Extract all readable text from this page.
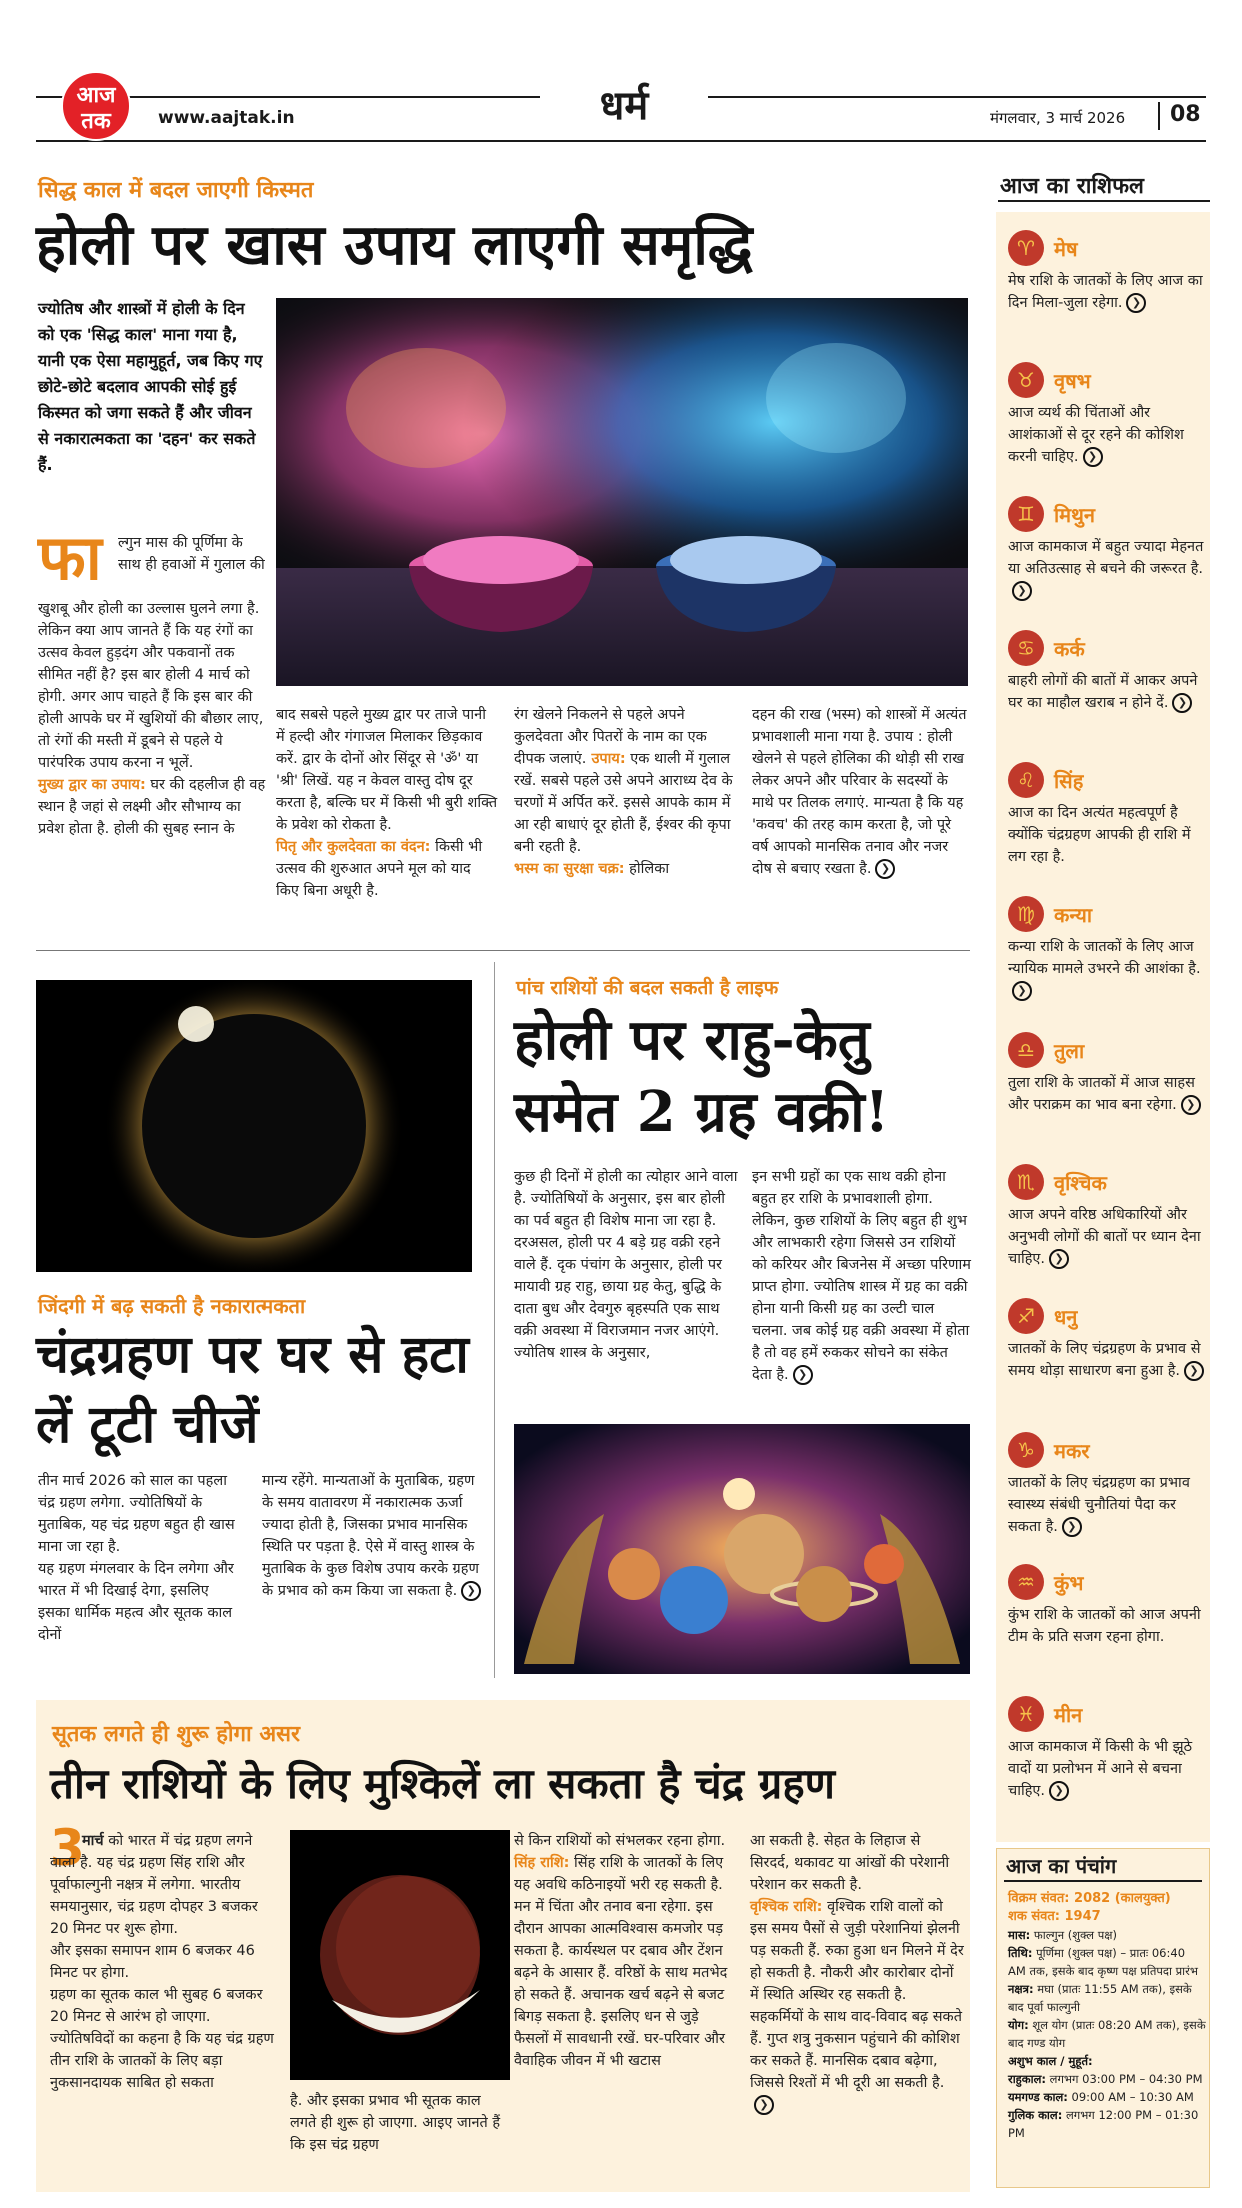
आज
तक	www.aajtak.in	धर्म	मंगलवार, 3 मार्च 2026 08
सिद्ध काल में बदल जाएगी किस्मत
होली पर खास उपाय लाएगी समृद्धि
ज्योतिष और शास्त्रों में होली के दिन को एक 'सिद्ध काल' माना गया है, यानी एक ऐसा महामुहूर्त, जब किए गए छोटे-छोटे बदलाव आपकी सोई हुई किस्मत को जगा सकते हैं और जीवन से नकारात्मकता का 'दहन' कर सकते हैं.
फा ल्गुन मास की पूर्णिमा के साथ ही हवाओं में गुलाल की
खुशबू और होली का उल्लास घुलने लगा है. लेकिन क्या आप जानते हैं कि यह रंगों का उत्सव केवल हुड़दंग और पकवानों तक सीमित नहीं है? इस बार होली 4 मार्च को होगी. अगर आप चाहते हैं कि इस बार की होली आपके घर में खुशियों की बौछार लाए, तो रंगों की मस्ती में डूबने से पहले ये पारंपरिक उपाय करना न भूलें.
मुख्य द्वार का उपाय: घर की दहलीज ही वह स्थान है जहां से लक्ष्मी और सौभाग्य का प्रवेश होता है. होली की सुबह स्नान के
बाद सबसे पहले मुख्य द्वार पर ताजे पानी में हल्दी और गंगाजल मिलाकर छिड़काव करें. द्वार के दोनों ओर सिंदूर से 'ॐ' या 'श्री' लिखें. यह न केवल वास्तु दोष दूर करता है, बल्कि घर में किसी भी बुरी शक्ति के प्रवेश को रोकता है.
पितृ और कुलदेवता का वंदन: किसी भी उत्सव की शुरुआत अपने मूल को याद किए बिना अधूरी है.
रंग खेलने निकलने से पहले अपने कुलदेवता और पितरों के नाम का एक दीपक जलाएं. उपाय: एक थाली में गुलाल रखें. सबसे पहले उसे अपने आराध्य देव के चरणों में अर्पित करें. इससे आपके काम में आ रही बाधाएं दूर होती हैं, ईश्वर की कृपा बनी रहती है.
भस्म का सुरक्षा चक्र: होलिका
दहन की राख (भस्म) को शास्त्रों में अत्यंत प्रभावशाली माना गया है. उपाय : होली खेलने से पहले होलिका की थोड़ी सी राख लेकर अपने और परिवार के सदस्यों के माथे पर तिलक लगाएं. मान्यता है कि यह 'कवच' की तरह काम करता है, जो पूरे वर्ष आपको मानसिक तनाव और नजर दोष से बचाए रखता है. ❯
जिंदगी में बढ़ सकती है नकारात्मकता
चंद्रग्रहण पर घर से हटा लें टूटी चीजें
तीन मार्च 2026 को साल का पहला चंद्र ग्रहण लगेगा. ज्योतिषियों के मुताबिक, यह चंद्र ग्रहण बहुत ही खास माना जा रहा है.
यह ग्रहण मंगलवार के दिन लगेगा और भारत में भी दिखाई देगा, इसलिए इसका धार्मिक महत्व और सूतक काल दोनों
मान्य रहेंगे. मान्यताओं के मुताबिक, ग्रहण के समय वातावरण में नकारात्मक ऊर्जा ज्यादा होती है, जिसका प्रभाव मानसिक स्थिति पर पड़ता है. ऐसे में वास्तु शास्त्र के मुताबिक के कुछ विशेष उपाय करके ग्रहण के प्रभाव को कम किया जा सकता है. ❯
पांच राशियों की बदल सकती है लाइफ
होली पर राहु-केतु समेत 2 ग्रह वक्री!
कुछ ही दिनों में होली का त्योहार आने वाला है. ज्योतिषियों के अनुसार, इस बार होली का पर्व बहुत ही विशेष माना जा रहा है.
दरअसल, होली पर 4 बड़े ग्रह वक्री रहने वाले हैं. दृक पंचांग के अनुसार, होली पर मायावी ग्रह राहु, छाया ग्रह केतु, बुद्धि के दाता बुध और देवगुरु बृहस्पति एक साथ वक्री अवस्था में विराजमान नजर आएंगे. ज्योतिष शास्त्र के अनुसार,
इन सभी ग्रहों का एक साथ वक्री होना बहुत हर राशि के प्रभावशाली होगा. लेकिन, कुछ राशियों के लिए बहुत ही शुभ और लाभकारी रहेगा जिससे उन राशियों को करियर और बिजनेस में अच्छा परिणाम प्राप्त होगा. ज्योतिष शास्त्र में ग्रह का वक्री होना यानी किसी ग्रह का उल्टी चाल चलना. जब कोई ग्रह वक्री अवस्था में होता है तो वह हमें रुककर सोचने का संकेत देता है. ❯
सूतक लगते ही शुरू होगा असर
तीन राशियों के लिए मुश्किलें ला सकता है चंद्र ग्रहण
3
मार्च को भारत में चंद्र ग्रहण लगने वाला है. यह चंद्र ग्रहण सिंह राशि और पूर्वाफाल्गुनी नक्षत्र में लगेगा. भारतीय समयानुसार, चंद्र ग्रहण दोपहर 3 बजकर 20 मिनट पर शुरू होगा.
और इसका समापन शाम 6 बजकर 46 मिनट पर होगा.
ग्रहण का सूतक काल भी सुबह 6 बजकर 20 मिनट से आरंभ हो जाएगा. ज्योतिषविदों का कहना है कि यह चंद्र ग्रहण तीन राशि के जातकों के लिए बड़ा नुकसानदायक साबित हो सकता
है. और इसका प्रभाव भी सूतक काल लगते ही शुरू हो जाएगा. आइए जानते हैं कि इस चंद्र ग्रहण
से किन राशियों को संभलकर रहना होगा.
सिंह राशि: सिंह राशि के जातकों के लिए यह अवधि कठिनाइयों भरी रह सकती है. मन में चिंता और तनाव बना रहेगा. इस दौरान आपका आत्मविश्वास कमजोर पड़ सकता है. कार्यस्थल पर दबाव और टेंशन बढ़ने के आसार हैं. वरिष्ठों के साथ मतभेद हो सकते हैं. अचानक खर्च बढ़ने से बजट बिगड़ सकता है. इसलिए धन से जुड़े फैसलों में सावधानी रखें. घर-परिवार और वैवाहिक जीवन में भी खटास
आ सकती है. सेहत के लिहाज से सिरदर्द, थकावट या आंखों की परेशानी परेशान कर सकती है.
वृश्चिक राशि: वृश्चिक राशि वालों को इस समय पैसों से जुड़ी परेशानियां झेलनी पड़ सकती हैं. रुका हुआ धन मिलने में देर हो सकती है. नौकरी और कारोबार दोनों में स्थिति अस्थिर रह सकती है. सहकर्मियों के साथ वाद-विवाद बढ़ सकते हैं. गुप्त शत्रु नुकसान पहुंचाने की कोशिश कर सकते हैं. मानसिक दबाव बढ़ेगा, जिससे रिश्तों में भी दूरी आ सकती है.❯
आज का राशिफल
♈ मेष
मेष राशि के जातकों के लिए आज का दिन मिला-जुला रहेगा. ❯
♉ वृषभ
आज व्यर्थ की चिंताओं और आशंकाओं से दूर रहने की कोशिश करनी चाहिए. ❯
♊ मिथुन
आज कामकाज में बहुत ज्यादा मेहनत या अतिउत्साह से बचने की जरूरत है.❯
♋ कर्क
बाहरी लोगों की बातों में आकर अपने घर का माहौल खराब न होने दें. ❯
♌ सिंह
आज का दिन अत्यंत महत्वपूर्ण है क्योंकि चंद्रग्रहण आपकी ही राशि में लग रहा है.
♍ कन्या
कन्या राशि के जातकों के लिए आज न्यायिक मामले उभरने की आशंका है.❯
♎ तुला
तुला राशि के जातकों में आज साहस और पराक्रम का भाव बना रहेगा. ❯
♏ वृश्चिक
आज अपने वरिष्ठ अधिकारियों और अनुभवी लोगों की बातों पर ध्यान देना चाहिए. ❯
♐ धनु
जातकों के लिए चंद्रग्रहण के प्रभाव से समय थोड़ा साधारण बना हुआ है. ❯
♑ मकर
जातकों के लिए चंद्रग्रहण का प्रभाव स्वास्थ्य संबंधी चुनौतियां पैदा कर सकता है. ❯
♒ कुंभ
कुंभ राशि के जातकों को आज अपनी टीम के प्रति सजग रहना होगा.
♓ मीन
आज कामकाज में किसी के भी झूठे वादों या प्रलोभन में आने से बचना चाहिए. ❯
आज का पंचांग
विक्रम संवत: 2082 (कालयुक्त)
शक संवत: 1947
मास: फाल्गुन (शुक्ल पक्ष)
तिथि: पूर्णिमा (शुक्ल पक्ष) – प्रातः 06:40 AM तक, इसके बाद कृष्ण पक्ष प्रतिपदा प्रारंभ
नक्षत्र: मघा (प्रातः 11:55 AM तक), इसके बाद पूर्वा फाल्गुनी
योग: शूल योग (प्रातः 08:20 AM तक), इसके बाद गण्ड योग
अशुभ काल / मुहूर्त:
राहुकाल: लगभग 03:00 PM – 04:30 PM
यमगण्ड काल: 09:00 AM – 10:30 AM
गुलिक काल: लगभग 12:00 PM – 01:30 PM
